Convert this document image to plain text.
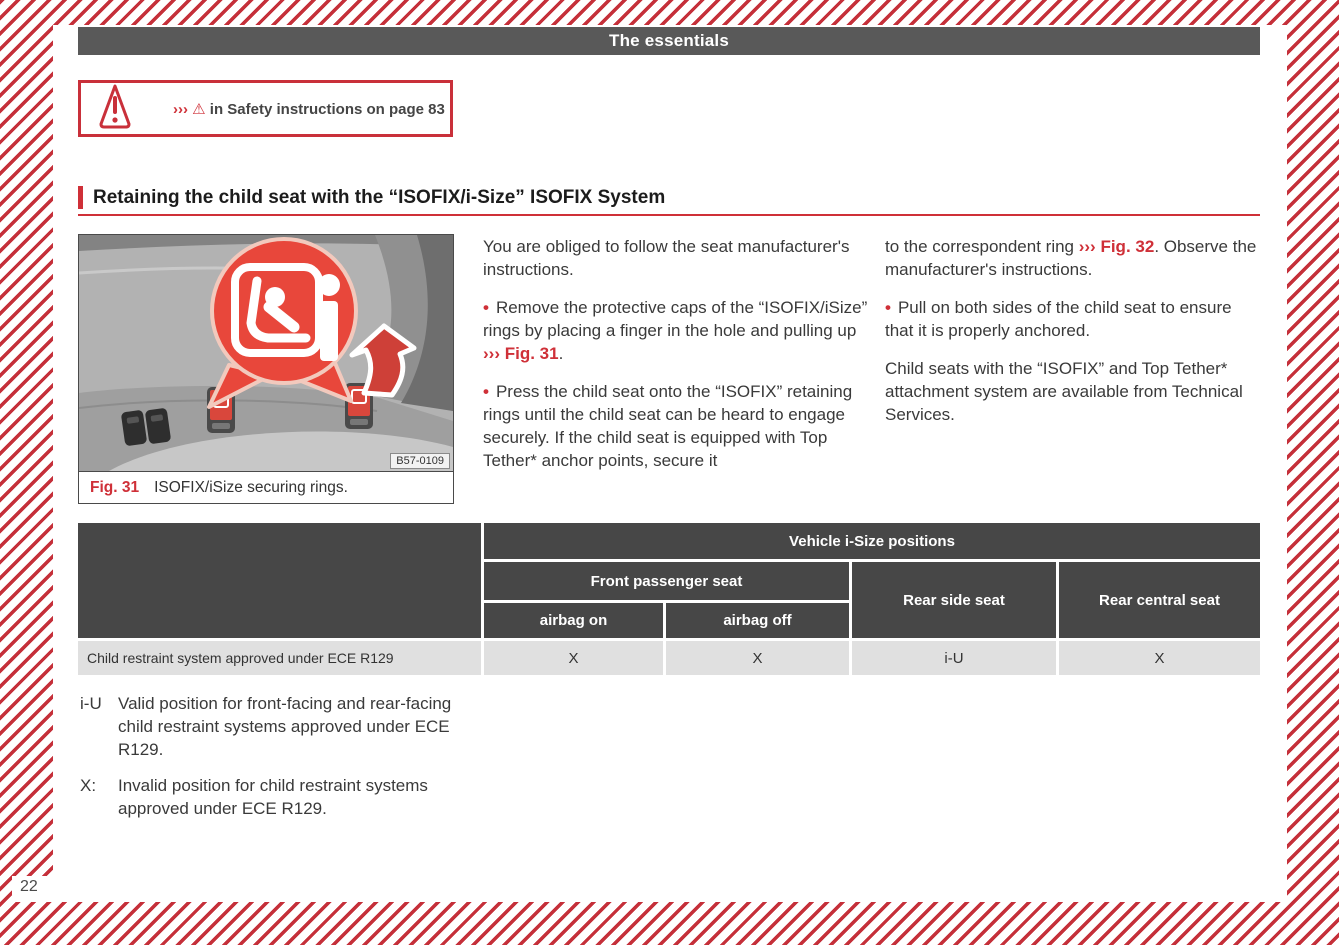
22
The essentials
››› ⚠ in Safety instructions on page 83
Retaining the child seat with the “ISOFIX/i-Size” ISOFIX System
B57-0109
Fig. 31 ISOFIX/iSize securing rings.
You are obliged to follow the seat manufacturer's instructions.
• Remove the protective caps of the “ISOFIX/iSize” rings by placing a finger in the hole and pulling up ››› Fig. 31.
• Press the child seat onto the “ISOFIX” retaining rings until the child seat can be heard to engage securely. If the child seat is equipped with Top Tether* anchor points, secure it
to the correspondent ring ››› Fig. 32. Observe the manufacturer's instructions.
• Pull on both sides of the child seat to ensure that it is properly anchored.
Child seats with the “ISOFIX” and Top Tether* attachment system are available from Technical Services.
Vehicle i-Size positions
Front passenger seat
Rear side seat	Rear central seat
airbag on	airbag off
Child restraint system approved under ECE R129	X	X	i-U	X
i-U Valid position for front-facing and rear-facing child restraint systems approved under ECE R129.
X:	Invalid position for child restraint systems approved under ECE R129.
